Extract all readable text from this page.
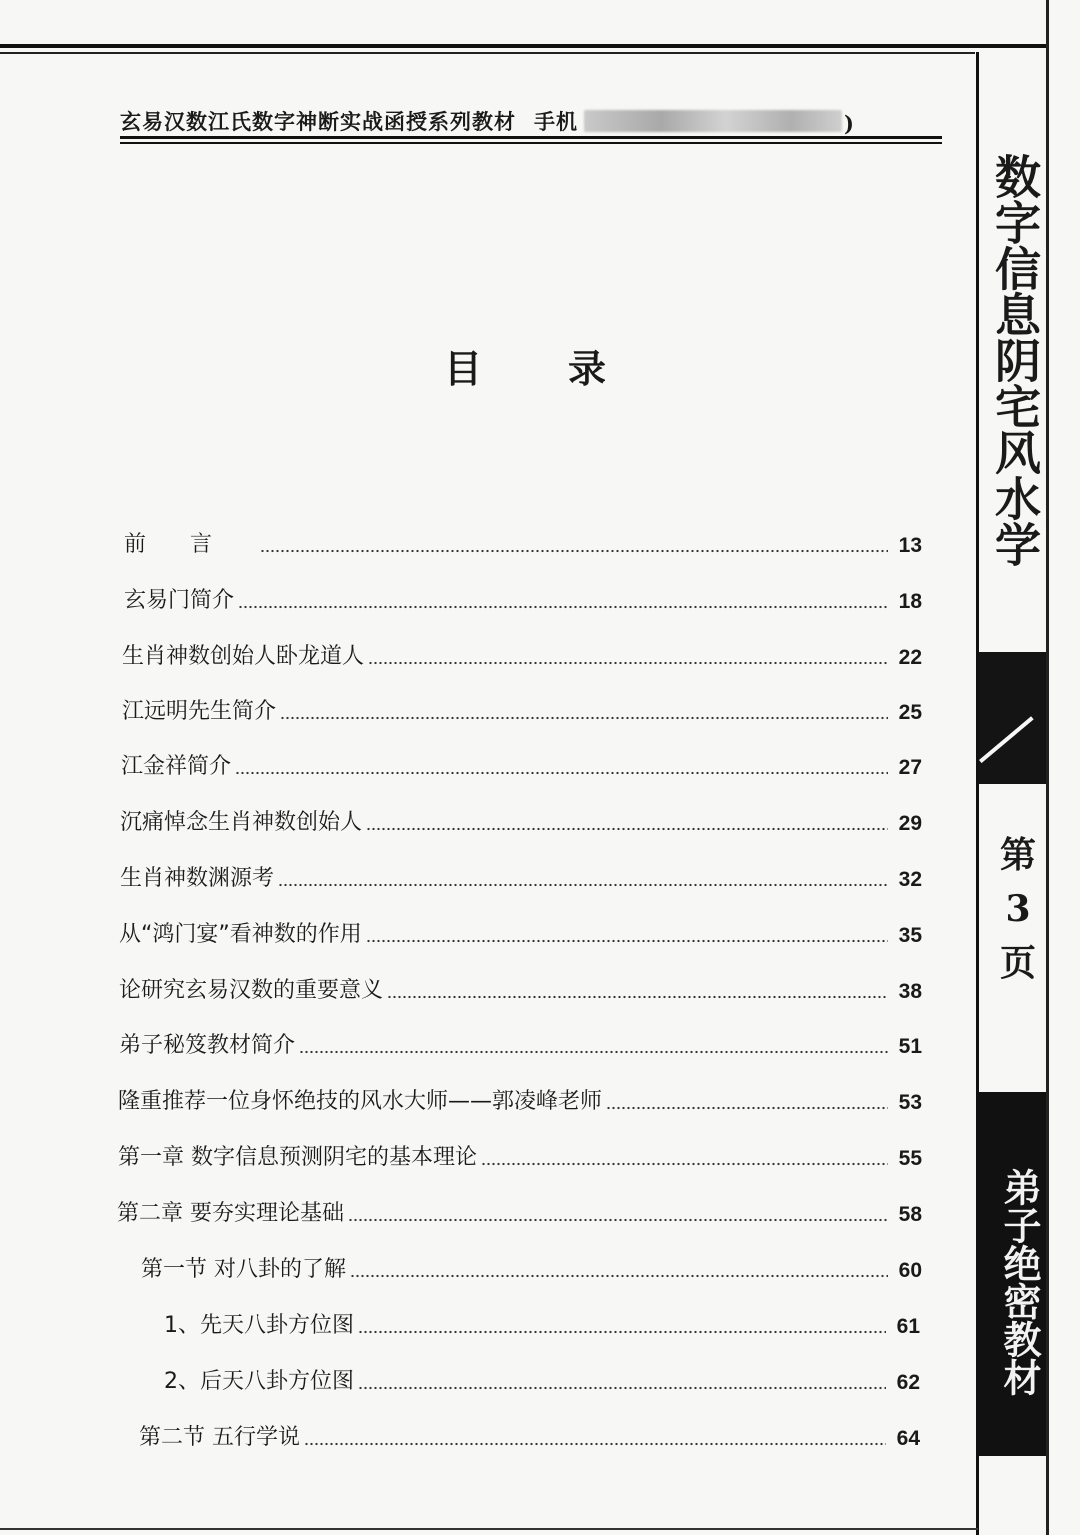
玄易汉数江氏数字神断实战函授系列教材 手机	)
目 录
前言	13
玄易门简介	18
生肖神数创始人卧龙道人	22
江远明先生简介	25
江金祥简介	27
沉痛悼念生肖神数创始人	29
生肖神数渊源考	32
从“鸿门宴”看神数的作用	35
论研究玄易汉数的重要意义	38
弟子秘笈教材简介	51
隆重推荐一位身怀绝技的风水大师——郭凌峰老师	53
第一章 数字信息预测阴宅的基本理论	55
第二章 要夯实理论基础	58
第一节 对八卦的了解	60
1、先天八卦方位图	61
2、后天八卦方位图	62
第二节 五行学说	64
数字信息阴宅风水学
第
3
页
弟子绝密教材
